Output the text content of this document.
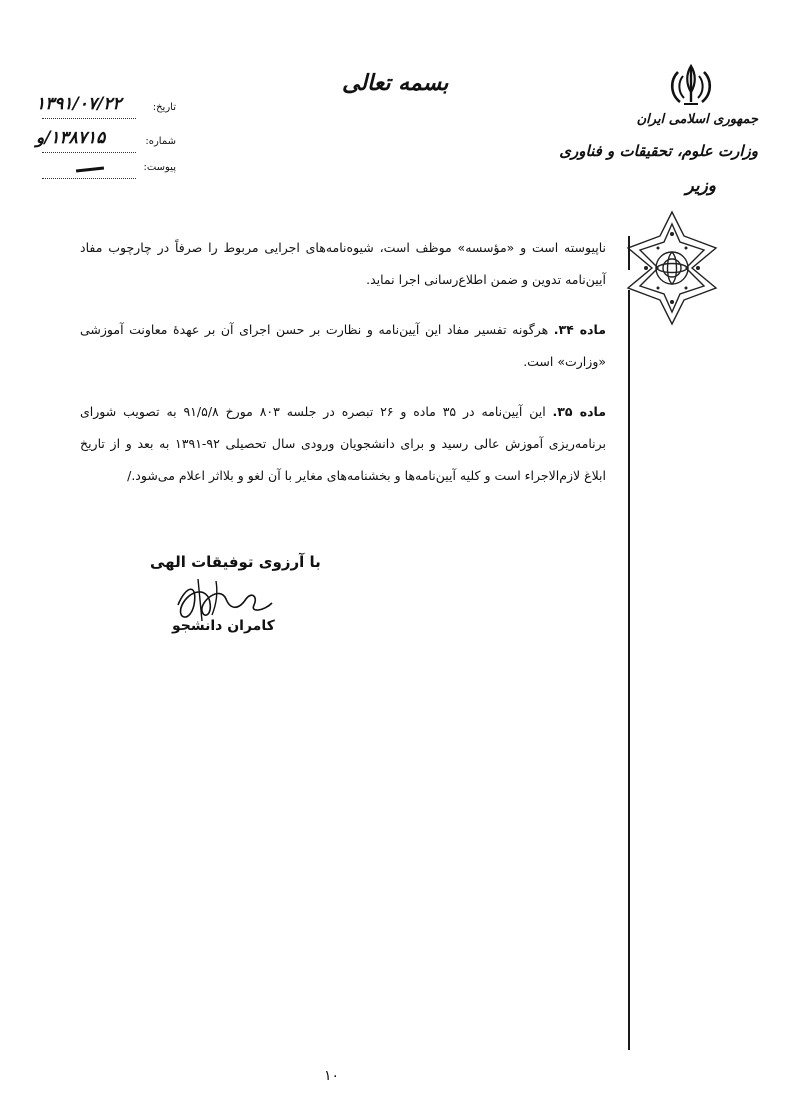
جمهوری اسلامی ایران
وزارت علوم، تحقیقات و فناوری
وزیر
بسمه تعالی
تاریخ:
۱۳۹۱/۰۷/۲۲
شماره:
۱۳۸۷۱۵/و
پیوست:
ناپیوسته است و «مؤسسه» موظف است، شیوه‌نامه‌های اجرایی مربوط را صرفاً در چارچوب مفاد آیین‌نامه تدوین و ضمن اطلاع‌رسانی اجرا نماید.
ماده ۳۴. هرگونه تفسیر مفاد این آیین‌نامه و نظارت بر حسن اجرای آن بر عهدهٔ معاونت آموزشی «وزارت» است.
ماده ۳۵. این آیین‌نامه در ۳۵ ماده و ۲۶ تبصره در جلسه ۸۰۳ مورخ ۹۱/۵/۸ به تصویب شورای برنامه‌ریزی آموزش عالی رسید و برای دانشجویان ورودی سال تحصیلی ۹۲-۱۳۹۱ به بعد و از تاریخ ابلاغ لازم‌الاجراء است و کلیه آیین‌نامه‌ها و بخشنامه‌های مغایر با آن لغو و بلااثر اعلام می‌شود./
با آرزوی توفیقات الهی
کامران دانشجو
۱۰
